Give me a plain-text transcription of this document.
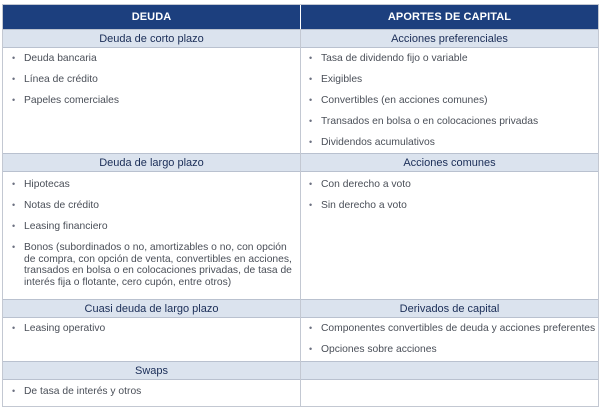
DEUDA	APORTES DE CAPITAL
Deuda de corto plazo	Acciones preferenciales
• Deuda bancaria
• Línea de crédito
• Papeles comerciales
• Tasa de dividendo fijo o variable
• Exigibles
• Convertibles (en acciones comunes)
• Transados en bolsa o en colocaciones privadas
• Dividendos acumulativos
Deuda de largo plazo	Acciones comunes
• Hipotecas
• Notas de crédito
• Leasing financiero
• Bonos (subordinados o no, amortizables o no, con opción de compra, con opción de venta, convertibles en acciones, transados en bolsa o en colocaciones privadas, de tasa de interés fija o flotante, cero cupón, entre otros)
• Con derecho a voto
• Sin derecho a voto
Cuasi deuda de largo plazo	Derivados de capital
• Leasing operativo
•	Componentes convertibles de deuda y acciones preferentes
• Opciones sobre acciones
Swaps
• De tasa de interés y otros
